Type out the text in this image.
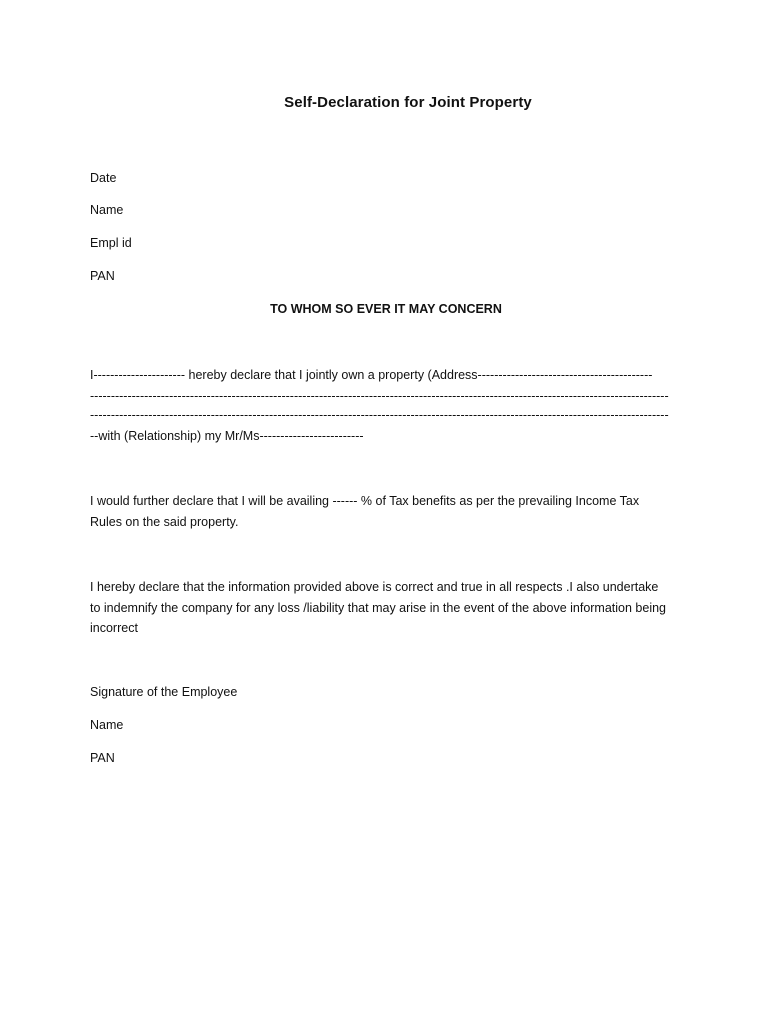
Self-Declaration for Joint Property
Date
Name
Empl id
PAN
TO WHOM SO EVER IT MAY CONCERN
I---------------------- hereby declare that I jointly own a property (Address------------------------------------------
-------------------------------------------------------------------------------------------------------------------------------------------
-------------------------------------------------------------------------------------------------------------------------------------------
--with (Relationship) my Mr/Ms-------------------------
I would further declare that I will be availing ------ % of Tax benefits as per the prevailing Income Tax Rules on the said property.
I hereby declare that the information provided above is correct and true in all respects .I also undertake to indemnify the company for any loss /liability that may arise in the event of the above information being incorrect
Signature of the Employee
Name
PAN
